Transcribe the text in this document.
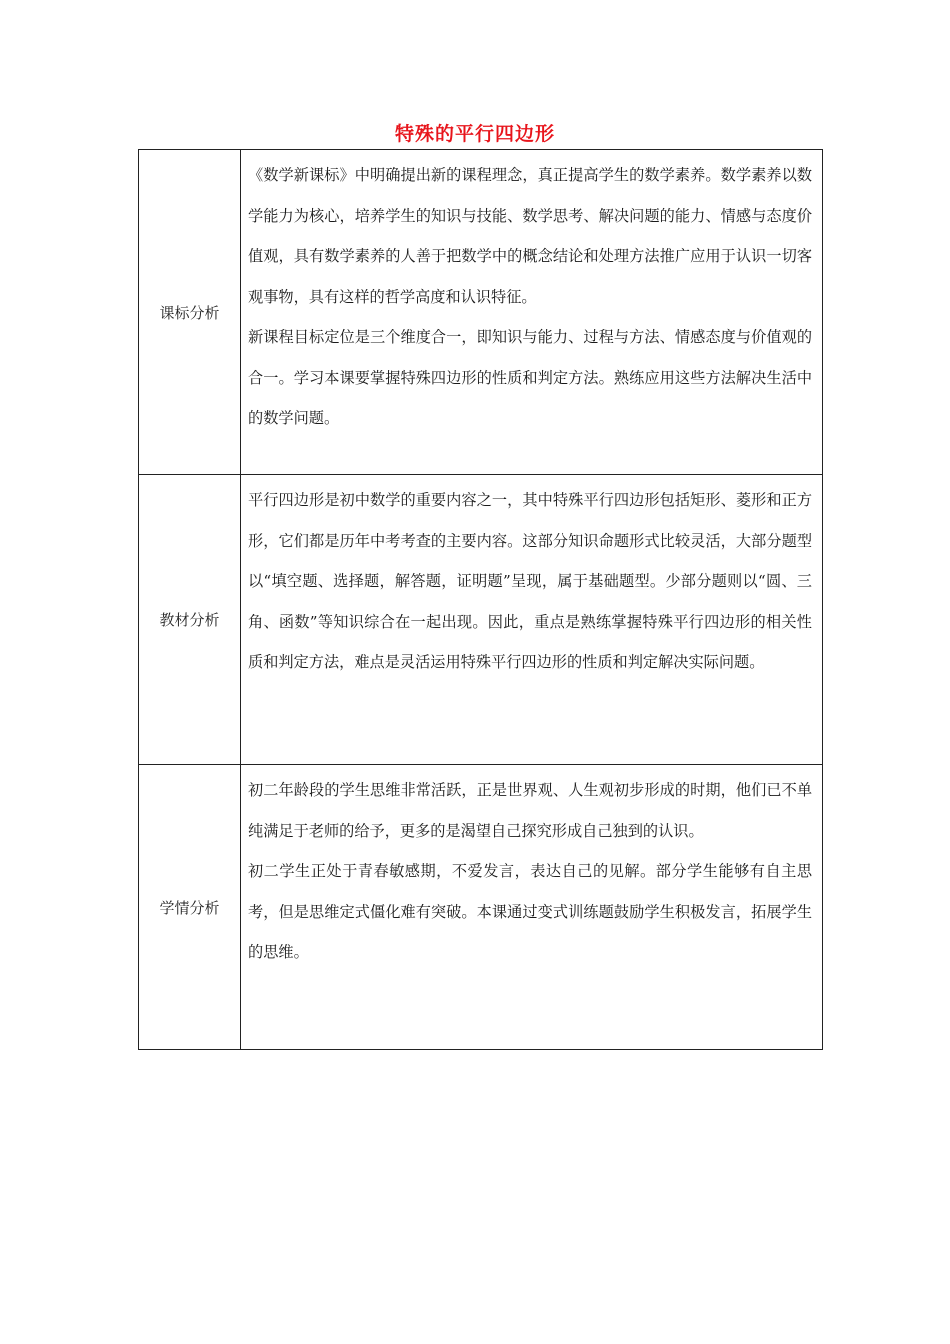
特殊的平行四边形
课标分析	《数学新课标》中明确提出新的课程理念，真正提高学生的数学素养。数学素养以数学能力为核心，培养学生的知识与技能、数学思考、解决问题的能力、情感与态度价值观，具有数学素养的人善于把数学中的概念结论和处理方法推广应用于认识一切客观事物，具有这样的哲学高度和认识特征。

新课程目标定位是三个维度合一，即知识与能力、过程与方法、情感态度与价值观的合一。学习本课要掌握特殊四边形的性质和判定方法。熟练应用这些方法解决生活中的数学问题。

教材分析	平行四边形是初中数学的重要内容之一，其中特殊平行四边形包括矩形、菱形和正方形，它们都是历年中考考查的主要内容。这部分知识命题形式比较灵活，大部分题型以“填空题、选择题，解答题，证明题”呈现，属于基础题型。少部分题则以“圆、三角、函数”等知识综合在一起出现。因此，重点是熟练掌握特殊平行四边形的相关性质和判定方法，难点是灵活运用特殊平行四边形的性质和判定解决实际问题。

学情分析	初二年龄段的学生思维非常活跃，正是世界观、人生观初步形成的时期，他们已不单纯满足于老师的给予，更多的是渴望自己探究形成自己独到的认识。

初二学生正处于青春敏感期，不爱发言，表达自己的见解。部分学生能够有自主思考，但是思维定式僵化难有突破。本课通过变式训练题鼓励学生积极发言，拓展学生的思维。
